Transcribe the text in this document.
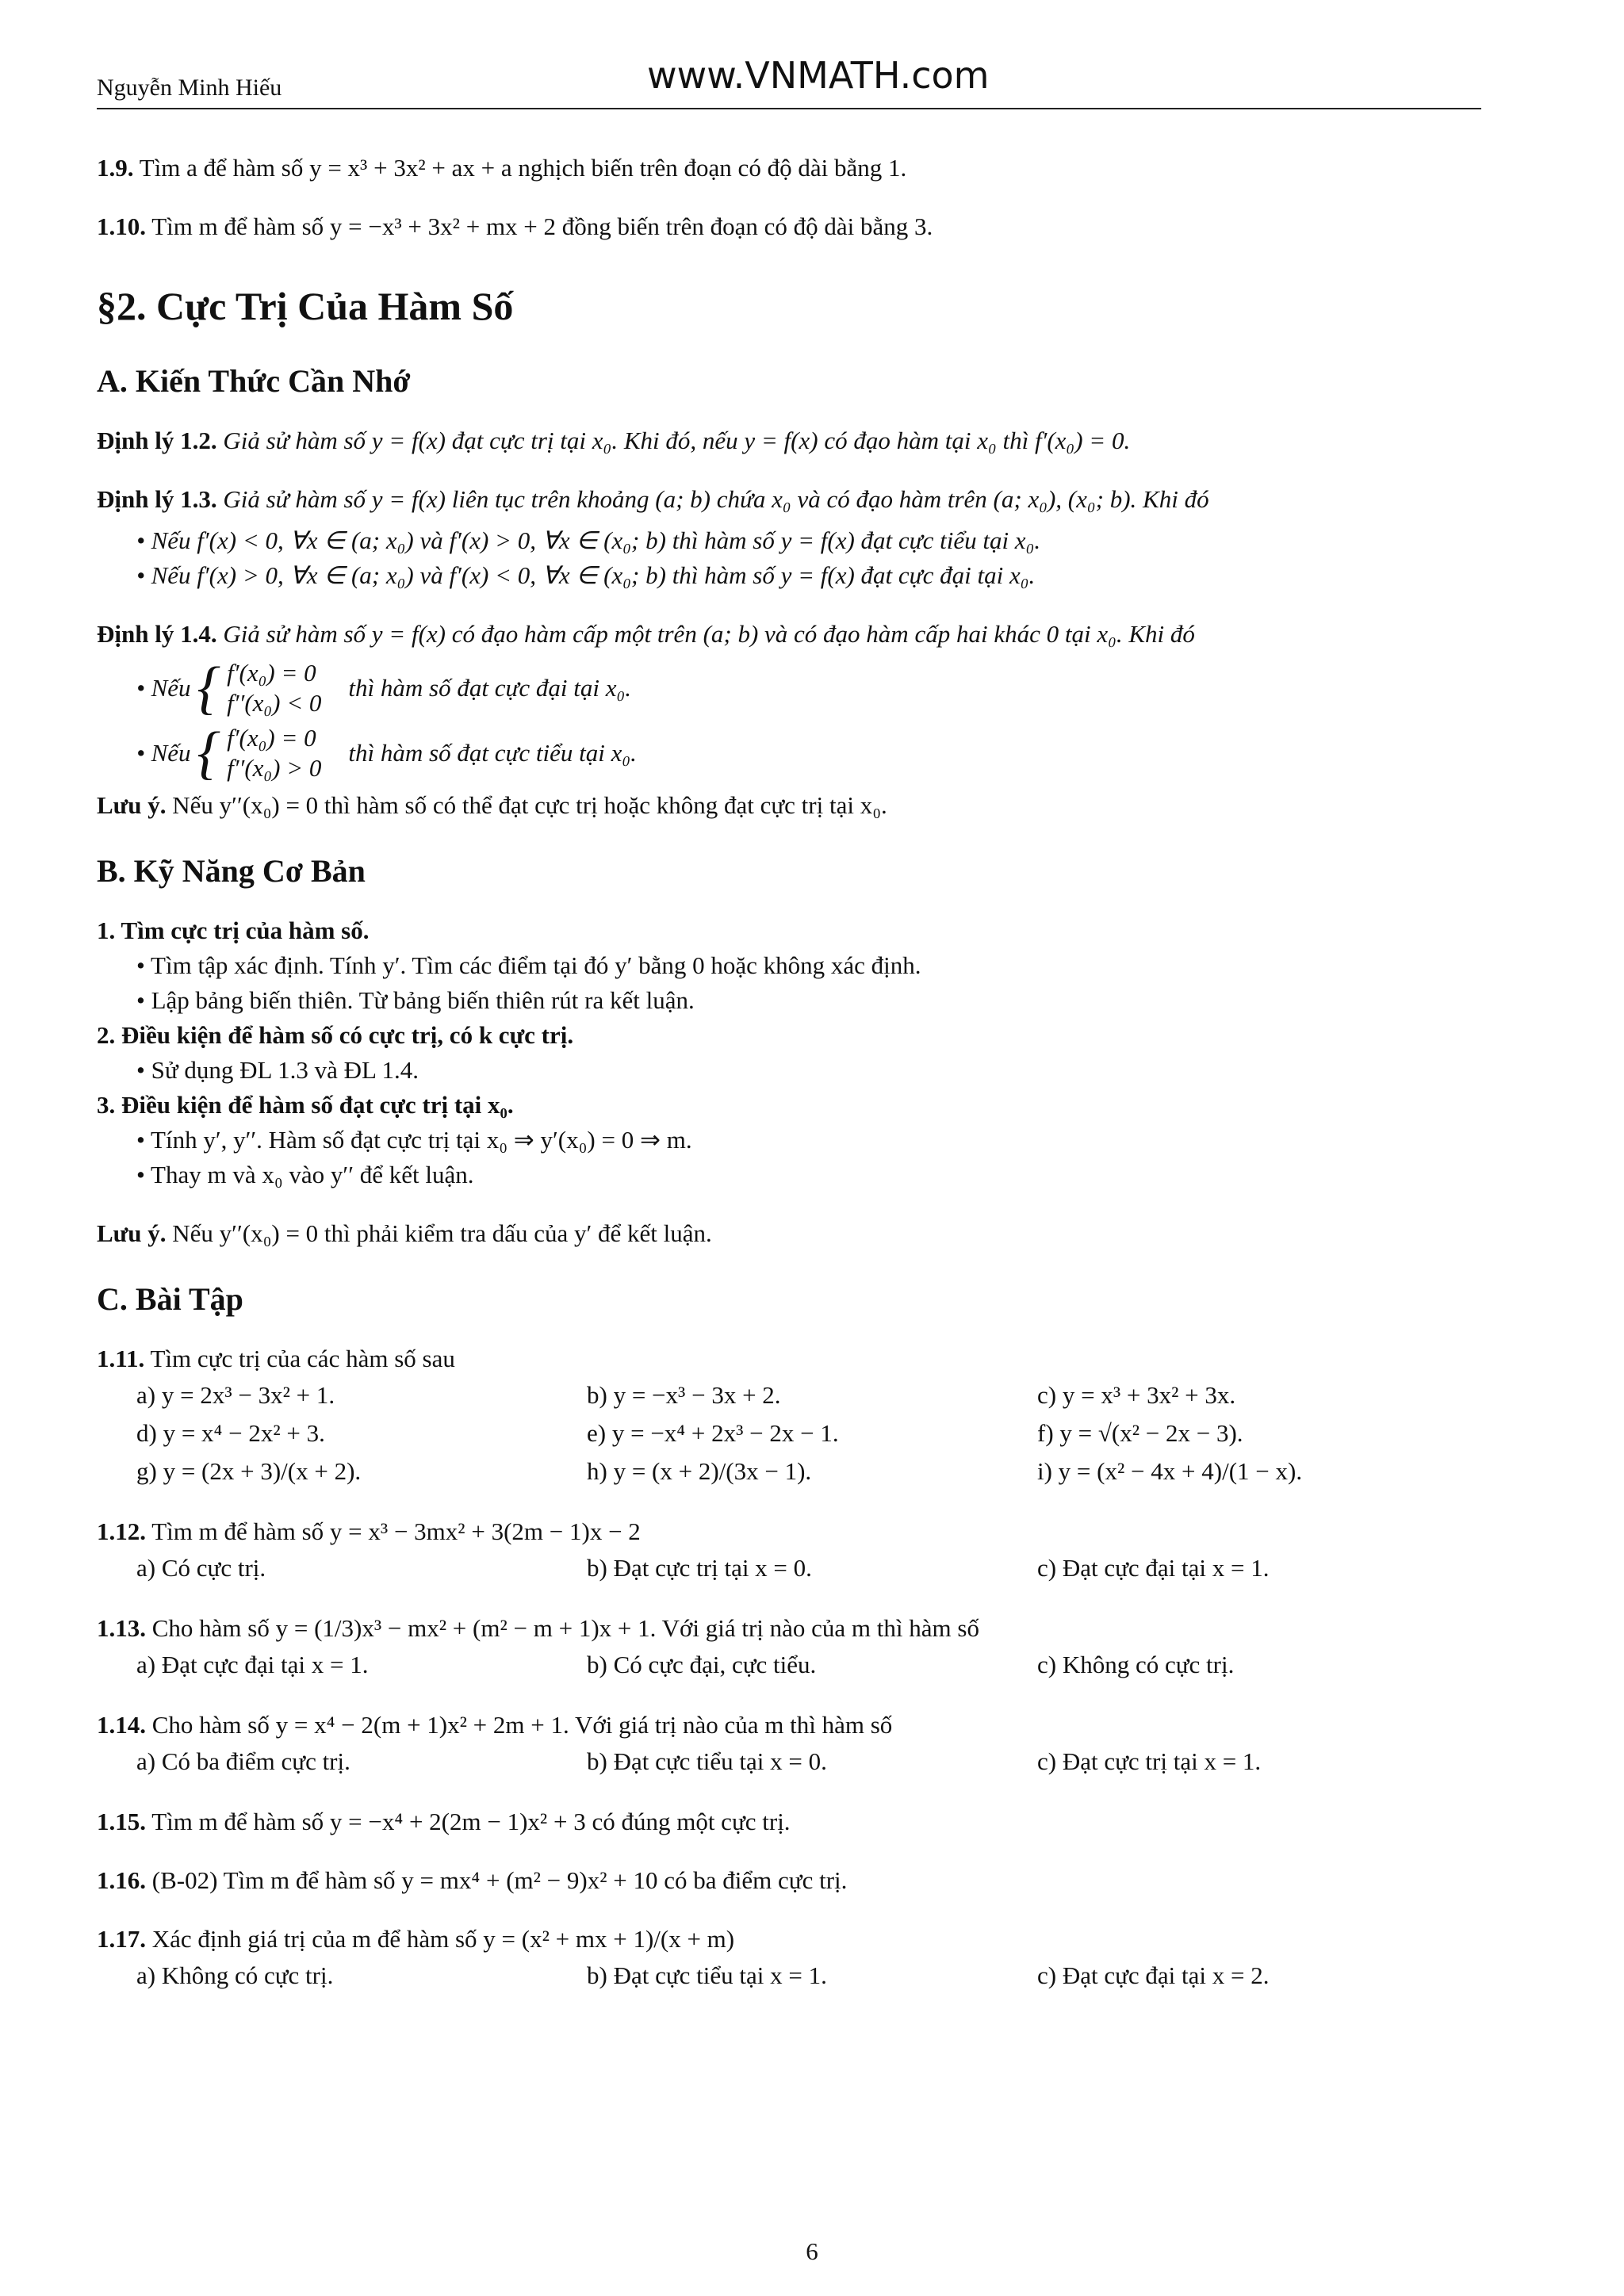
Nguyễn Minh Hiếu	www.VNMATH.com
1.9. Tìm a để hàm số y = x³ + 3x² + ax + a nghịch biến trên đoạn có độ dài bằng 1.
1.10. Tìm m để hàm số y = −x³ + 3x² + mx + 2 đồng biến trên đoạn có độ dài bằng 3.
§2. Cực Trị Của Hàm Số
A. Kiến Thức Cần Nhớ
Định lý 1.2. Giả sử hàm số y = f(x) đạt cực trị tại x₀. Khi đó, nếu y = f(x) có đạo hàm tại x₀ thì f′(x₀) = 0.
Định lý 1.3. Giả sử hàm số y = f(x) liên tục trên khoảng (a; b) chứa x₀ và có đạo hàm trên (a; x₀), (x₀; b). Khi đó
• Nếu f′(x) < 0, ∀x ∈ (a; x₀) và f′(x) > 0, ∀x ∈ (x₀; b) thì hàm số y = f(x) đạt cực tiểu tại x₀.
• Nếu f′(x) > 0, ∀x ∈ (a; x₀) và f′(x) < 0, ∀x ∈ (x₀; b) thì hàm số y = f(x) đạt cực đại tại x₀.
Định lý 1.4. Giả sử hàm số y = f(x) có đạo hàm cấp một trên (a; b) và có đạo hàm cấp hai khác 0 tại x₀. Khi đó
• Nếu { f′(x₀) = 0
f′′(x₀) < 0
thì hàm số đạt cực đại tại x₀.
• Nếu { f′(x₀) = 0
f′′(x₀) > 0
thì hàm số đạt cực tiểu tại x₀.
Lưu ý. Nếu y′′(x₀) = 0 thì hàm số có thể đạt cực trị hoặc không đạt cực trị tại x₀.
B. Kỹ Năng Cơ Bản
1. Tìm cực trị của hàm số.
• Tìm tập xác định. Tính y′. Tìm các điểm tại đó y′ bằng 0 hoặc không xác định.
• Lập bảng biến thiên. Từ bảng biến thiên rút ra kết luận.
2. Điều kiện để hàm số có cực trị, có k cực trị.
• Sử dụng ĐL 1.3 và ĐL 1.4.
3. Điều kiện để hàm số đạt cực trị tại x₀.
• Tính y′, y′′. Hàm số đạt cực trị tại x₀ ⇒ y′(x₀) = 0 ⇒ m.
• Thay m và x₀ vào y′′ để kết luận.
Lưu ý. Nếu y′′(x₀) = 0 thì phải kiểm tra dấu của y′ để kết luận.
C. Bài Tập
1.11. Tìm cực trị của các hàm số sau
a) y = 2x³ − 3x² + 1.	b) y = −x³ − 3x + 2.	c) y = x³ + 3x² + 3x.
d) y = x⁴ − 2x² + 3.	e) y = −x⁴ + 2x³ − 2x − 1.	f) y = √(x² − 2x − 3).
g) y = (2x + 3)/(x + 2).	h) y = (x + 2)/(3x − 1).	i) y = (x² − 4x + 4)/(1 − x).
1.12. Tìm m để hàm số y = x³ − 3mx² + 3(2m − 1)x − 2
a) Có cực trị.	b) Đạt cực trị tại x = 0.	c) Đạt cực đại tại x = 1.
1.13. Cho hàm số y = (1/3)x³ − mx² + (m² − m + 1)x + 1. Với giá trị nào của m thì hàm số
a) Đạt cực đại tại x = 1.	b) Có cực đại, cực tiểu.	c) Không có cực trị.
1.14. Cho hàm số y = x⁴ − 2(m + 1)x² + 2m + 1. Với giá trị nào của m thì hàm số
a) Có ba điểm cực trị.	b) Đạt cực tiểu tại x = 0.	c) Đạt cực trị tại x = 1.
1.15. Tìm m để hàm số y = −x⁴ + 2(2m − 1)x² + 3 có đúng một cực trị.
1.16. (B-02) Tìm m để hàm số y = mx⁴ + (m² − 9)x² + 10 có ba điểm cực trị.
1.17. Xác định giá trị của m để hàm số y = (x² + mx + 1)/(x + m)
a) Không có cực trị.	b) Đạt cực tiểu tại x = 1.	c) Đạt cực đại tại x = 2.
6
